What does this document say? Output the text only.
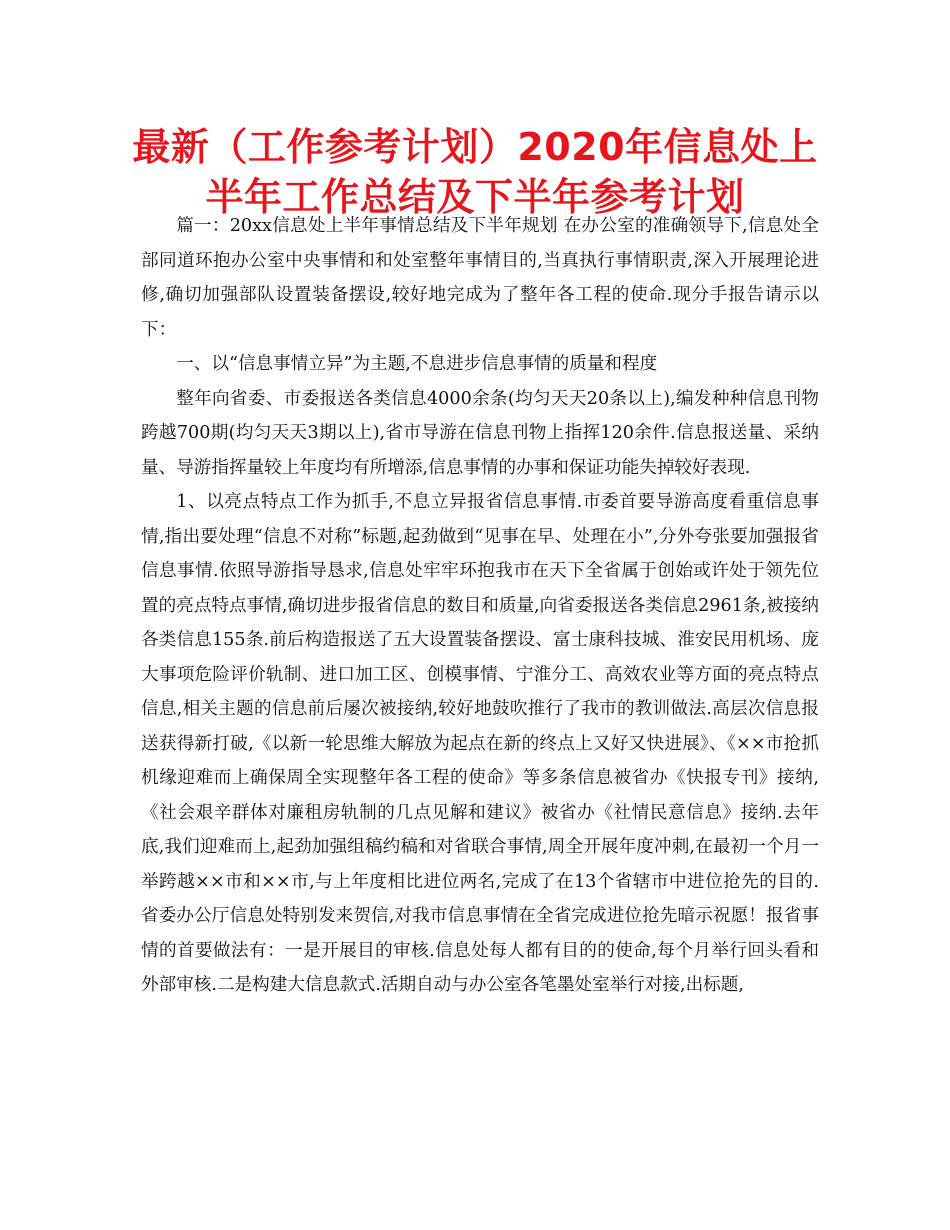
最新（工作参考计划）2020年信息处上半年工作总结及下半年参考计划

篇一：20xx信息处上半年事情总结及下半年规划 在办公室的准确领导下,信息处全部同道环抱办公室中央事情和和处室整年事情目的,当真执行事情职责,深入开展理论进修,确切加强部队设置装备摆设,较好地完成为了整年各工程的使命.现分手报告请示以下：

一、以“信息事情立异”为主题,不息进步信息事情的质量和程度

整年向省委、市委报送各类信息4000余条(均匀天天20条以上),编发种种信息刊物跨越700期(均匀天天3期以上),省市导游在信息刊物上指挥120余件.信息报送量、采纳量、导游指挥量较上年度均有所增添,信息事情的办事和保证功能失掉较好表现.

1、以亮点特点工作为抓手,不息立异报省信息事情.市委首要导游高度看重信息事情,指出要处理“信息不对称”标题,起劲做到“见事在早、处理在小”,分外夸张要加强报省信息事情.依照导游指导恳求,信息处牢牢环抱我市在天下全省属于创始或许处于领先位置的亮点特点事情,确切进步报省信息的数目和质量,向省委报送各类信息2961条,被接纳各类信息155条.前后构造报送了五大设置装备摆设、富士康科技城、淮安民用机场、庞大事项危险评价轨制、进口加工区、创模事情、宁淮分工、高效农业等方面的亮点特点信息,相关主题的信息前后屡次被接纳,较好地鼓吹推行了我市的教训做法.高层次信息报送获得新打破,《以新一轮思维大解放为起点在新的终点上又好又快进展》、《××市抢抓机缘迎难而上确保周全实现整年各工程的使命》等多条信息被省办《快报专刊》接纳,《社会艰辛群体对廉租房轨制的几点见解和建议》被省办《社情民意信息》接纳.去年底,我们迎难而上,起劲加强组稿约稿和对省联合事情,周全开展年度冲刺,在最初一个月一举跨越××市和××市,与上年度相比进位两名,完成了在13个省辖市中进位抢先的目的.省委办公厅信息处特别发来贺信,对我市信息事情在全省完成进位抢先暗示祝愿！报省事情的首要做法有：一是开展目的审核.信息处每人都有目的的使命,每个月举行回头看和外部审核.二是构建大信息款式.活期自动与办公室各笔墨处室举行对接,出标题,
